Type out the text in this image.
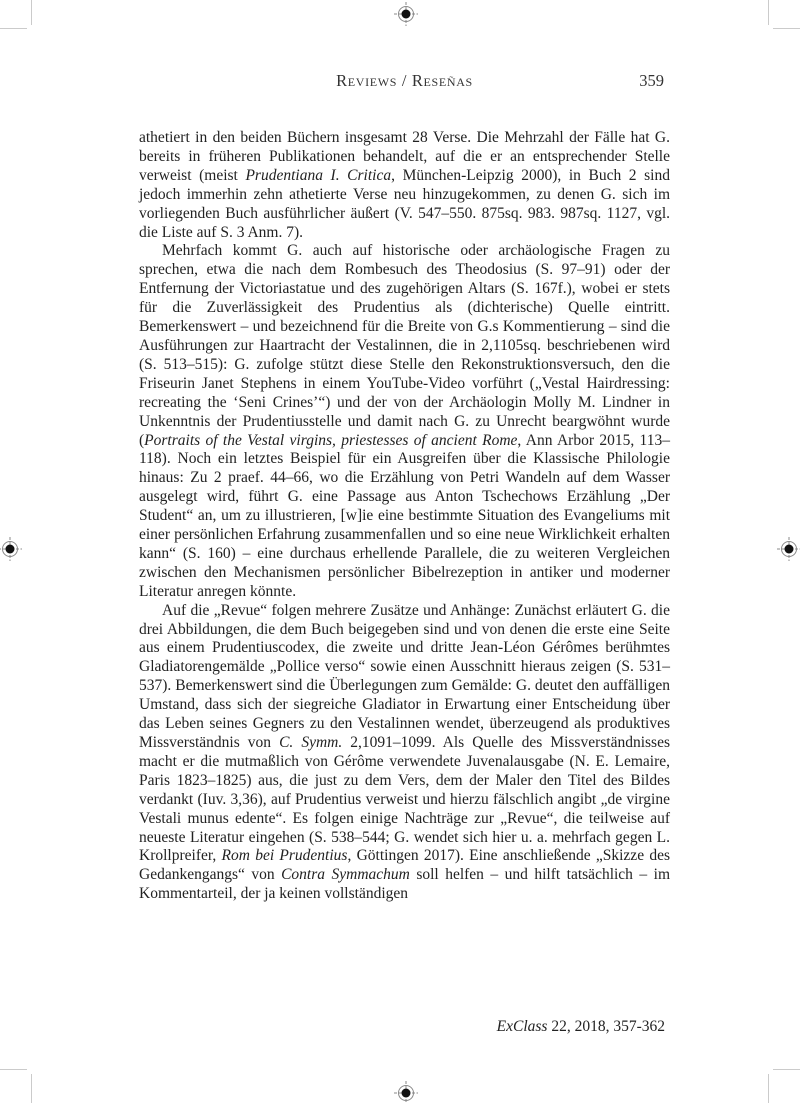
Reviews / Reseñas	359

athetiert in den beiden Büchern insgesamt 28 Verse. Die Mehrzahl der Fälle hat G. bereits in früheren Publikationen behandelt, auf die er an entsprechender Stelle verweist (meist Prudentiana I. Critica, München-Leipzig 2000), in Buch 2 sind jedoch immerhin zehn athetierte Verse neu hinzugekommen, zu denen G. sich im vorliegenden Buch ausführlicher äußert (V. 547–550. 875sq. 983. 987sq. 1127, vgl. die Liste auf S. 3 Anm. 7).

Mehrfach kommt G. auch auf historische oder archäologische Fragen zu sprechen, etwa die nach dem Rombesuch des Theodosius (S. 97–91) oder der Entfernung der Victoriastatue und des zugehörigen Altars (S. 167f.), wobei er stets für die Zuverlässigkeit des Prudentius als (dichterische) Quelle eintritt. Bemerkenswert – und bezeichnend für die Breite von G.s Kommentierung – sind die Ausführungen zur Haartracht der Vestalinnen, die in 2,1105sq. beschriebenen wird (S. 513–515): G. zufolge stützt diese Stelle den Rekonstruktionsversuch, den die Friseurin Janet Stephens in einem YouTube-Video vorführt („Vestal Hairdressing: recreating the ‘Seni Crines’“) und der von der Archäologin Molly M. Lindner in Unkenntnis der Prudentiusstelle und damit nach G. zu Unrecht beargwöhnt wurde (Portraits of the Vestal virgins, priestesses of ancient Rome, Ann Arbor 2015, 113–118). Noch ein letztes Beispiel für ein Ausgreifen über die Klassische Philologie hinaus: Zu 2 praef. 44–66, wo die Erzählung von Petri Wandeln auf dem Wasser ausgelegt wird, führt G. eine Passage aus Anton Tschechows Erzählung „Der Student“ an, um zu illustrieren, [w]ie eine bestimmte Situation des Evangeliums mit einer persönlichen Erfahrung zusammenfallen und so eine neue Wirklichkeit erhalten kann“ (S. 160) – eine durchaus erhellende Parallele, die zu weiteren Vergleichen zwischen den Mechanismen persönlicher Bibelrezeption in antiker und moderner Literatur anregen könnte.

Auf die „Revue“ folgen mehrere Zusätze und Anhänge: Zunächst erläutert G. die drei Abbildungen, die dem Buch beigegeben sind und von denen die erste eine Seite aus einem Prudentiuscodex, die zweite und dritte Jean-Léon Gérômes berühmtes Gladiatorengemälde „Pollice verso“ sowie einen Ausschnitt hieraus zeigen (S. 531–537). Bemerkenswert sind die Überlegungen zum Gemälde: G. deutet den auffälligen Umstand, dass sich der siegreiche Gladiator in Erwartung einer Entscheidung über das Leben seines Gegners zu den Vestalinnen wendet, überzeugend als produktives Missverständnis von C. Symm. 2,1091–1099. Als Quelle des Missverständnisses macht er die mutmaßlich von Gérôme verwendete Juvenalausgabe (N. E. Lemaire, Paris 1823–1825) aus, die just zu dem Vers, dem der Maler den Titel des Bildes verdankt (Iuv. 3,36), auf Prudentius verweist und hierzu fälschlich angibt „de virgine Vestali munus edente“. Es folgen einige Nachträge zur „Revue“, die teilweise auf neueste Literatur eingehen (S. 538–544; G. wendet sich hier u. a. mehrfach gegen L. Krollpreifer, Rom bei Prudentius, Göttingen 2017). Eine anschließende „Skizze des Gedankengangs“ von Contra Symmachum soll helfen – und hilft tatsächlich – im Kommentarteil, der ja keinen vollständigen

ExClass 22, 2018, 357-362
